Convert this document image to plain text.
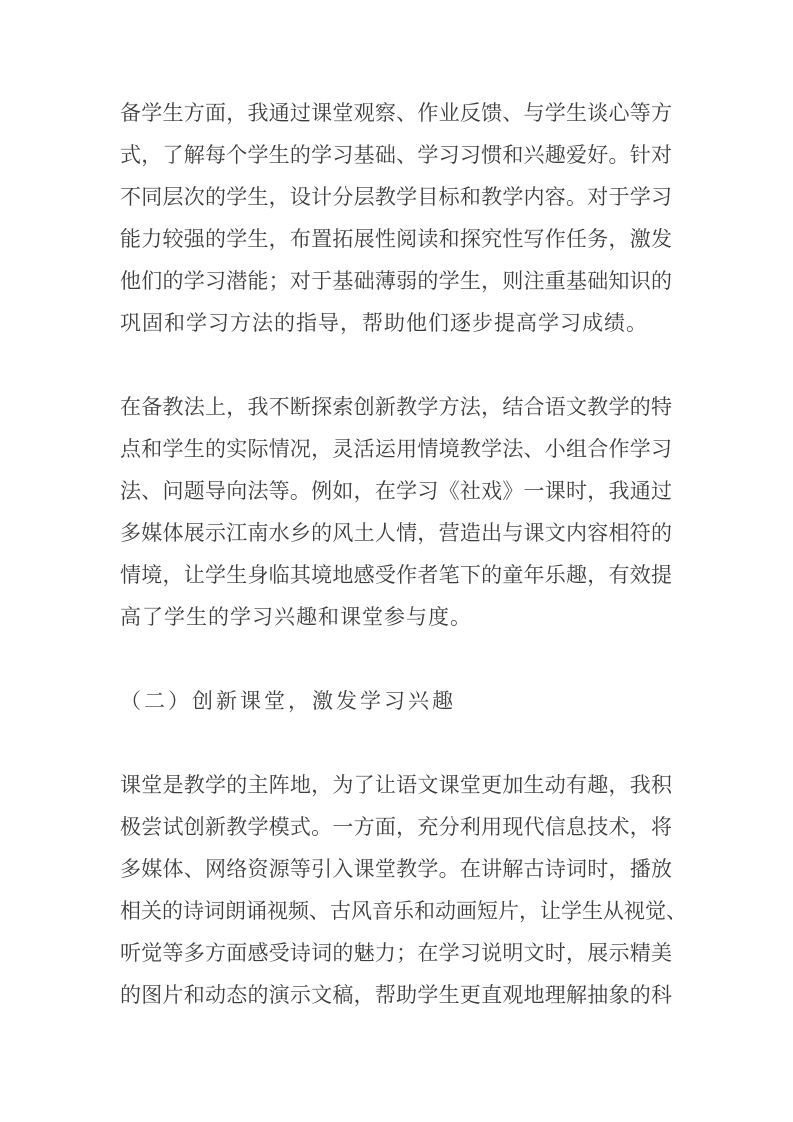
备学生方面，我通过课堂观察、作业反馈、与学生谈心等方
式，了解每个学生的学习基础、学习习惯和兴趣爱好。针对
不同层次的学生，设计分层教学目标和教学内容。对于学习
能力较强的学生，布置拓展性阅读和探究性写作任务，激发
他们的学习潜能；对于基础薄弱的学生，则注重基础知识的
巩固和学习方法的指导，帮助他们逐步提高学习成绩。
在备教法上，我不断探索创新教学方法，结合语文教学的特
点和学生的实际情况，灵活运用情境教学法、小组合作学习
法、问题导向法等。例如，在学习《社戏》一课时，我通过
多媒体展示江南水乡的风土人情，营造出与课文内容相符的
情境，让学生身临其境地感受作者笔下的童年乐趣，有效提
高了学生的学习兴趣和课堂参与度。
（二）创新课堂，激发学习兴趣
课堂是教学的主阵地，为了让语文课堂更加生动有趣，我积
极尝试创新教学模式。一方面，充分利用现代信息技术，将
多媒体、网络资源等引入课堂教学。在讲解古诗词时，播放
相关的诗词朗诵视频、古风音乐和动画短片，让学生从视觉、
听觉等多方面感受诗词的魅力；在学习说明文时，展示精美
的图片和动态的演示文稿，帮助学生更直观地理解抽象的科
